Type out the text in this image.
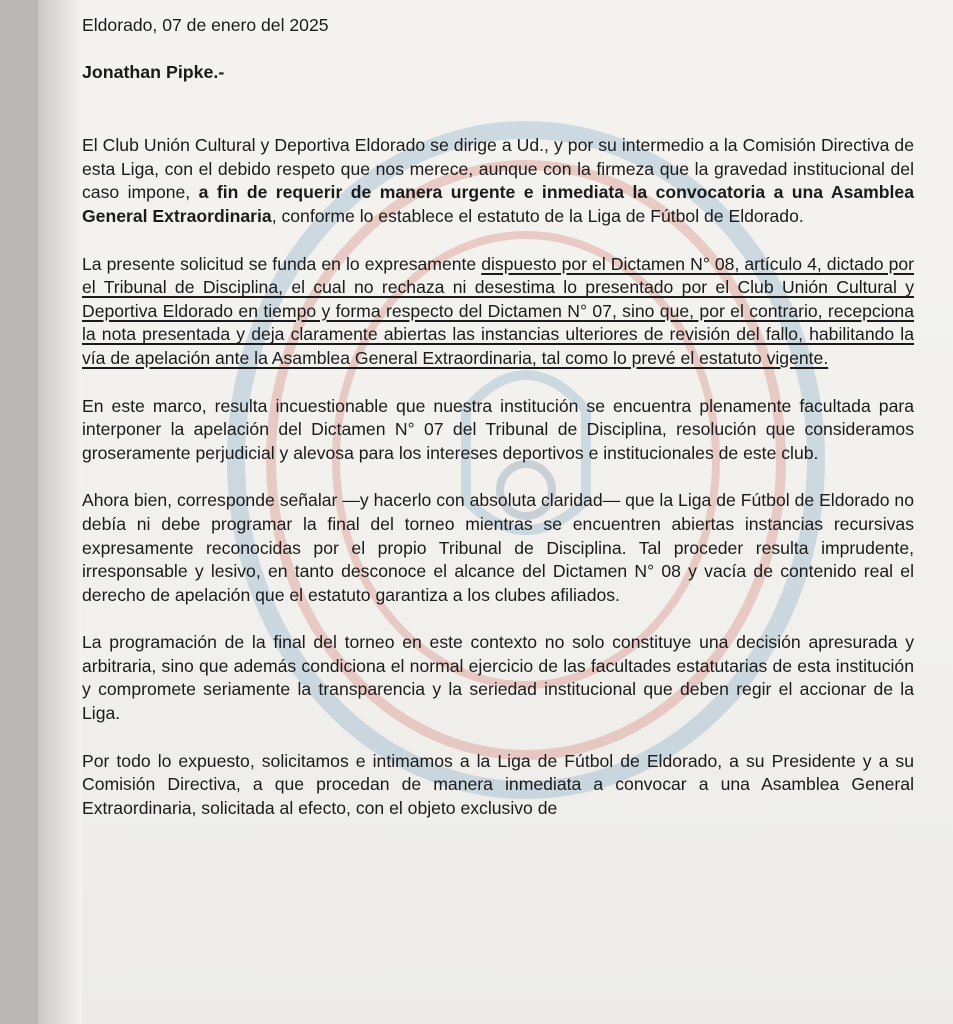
Eldorado, 07 de enero del 2025

Jonathan Pipke.-

El Club Unión Cultural y Deportiva Eldorado se dirige a Ud., y por su intermedio a la Comisión Directiva de esta Liga, con el debido respeto que nos merece, aunque con la firmeza que la gravedad institucional del caso impone, a fin de requerir de manera urgente e inmediata la convocatoria a una Asamblea General Extraordinaria, conforme lo establece el estatuto de la Liga de Fútbol de Eldorado.

La presente solicitud se funda en lo expresamente dispuesto por el Dictamen N° 08, artículo 4, dictado por el Tribunal de Disciplina, el cual no rechaza ni desestima lo presentado por el Club Unión Cultural y Deportiva Eldorado en tiempo y forma respecto del Dictamen N° 07, sino que, por el contrario, recepciona la nota presentada y deja claramente abiertas las instancias ulteriores de revisión del fallo, habilitando la vía de apelación ante la Asamblea General Extraordinaria, tal como lo prevé el estatuto vigente.

En este marco, resulta incuestionable que nuestra institución se encuentra plenamente facultada para interponer la apelación del Dictamen N° 07 del Tribunal de Disciplina, resolución que consideramos groseramente perjudicial y alevosa para los intereses deportivos e institucionales de este club.

Ahora bien, corresponde señalar —y hacerlo con absoluta claridad— que la Liga de Fútbol de Eldorado no debía ni debe programar la final del torneo mientras se encuentren abiertas instancias recursivas expresamente reconocidas por el propio Tribunal de Disciplina. Tal proceder resulta imprudente, irresponsable y lesivo, en tanto desconoce el alcance del Dictamen N° 08 y vacía de contenido real el derecho de apelación que el estatuto garantiza a los clubes afiliados.

La programación de la final del torneo en este contexto no solo constituye una decisión apresurada y arbitraria, sino que además condiciona el normal ejercicio de las facultades estatutarias de esta institución y compromete seriamente la transparencia y la seriedad institucional que deben regir el accionar de la Liga.

Por todo lo expuesto, solicitamos e intimamos a la Liga de Fútbol de Eldorado, a su Presidente y a su Comisión Directiva, a que procedan de manera inmediata a convocar a una Asamblea General Extraordinaria, solicitada al efecto, con el objeto exclusivo de
